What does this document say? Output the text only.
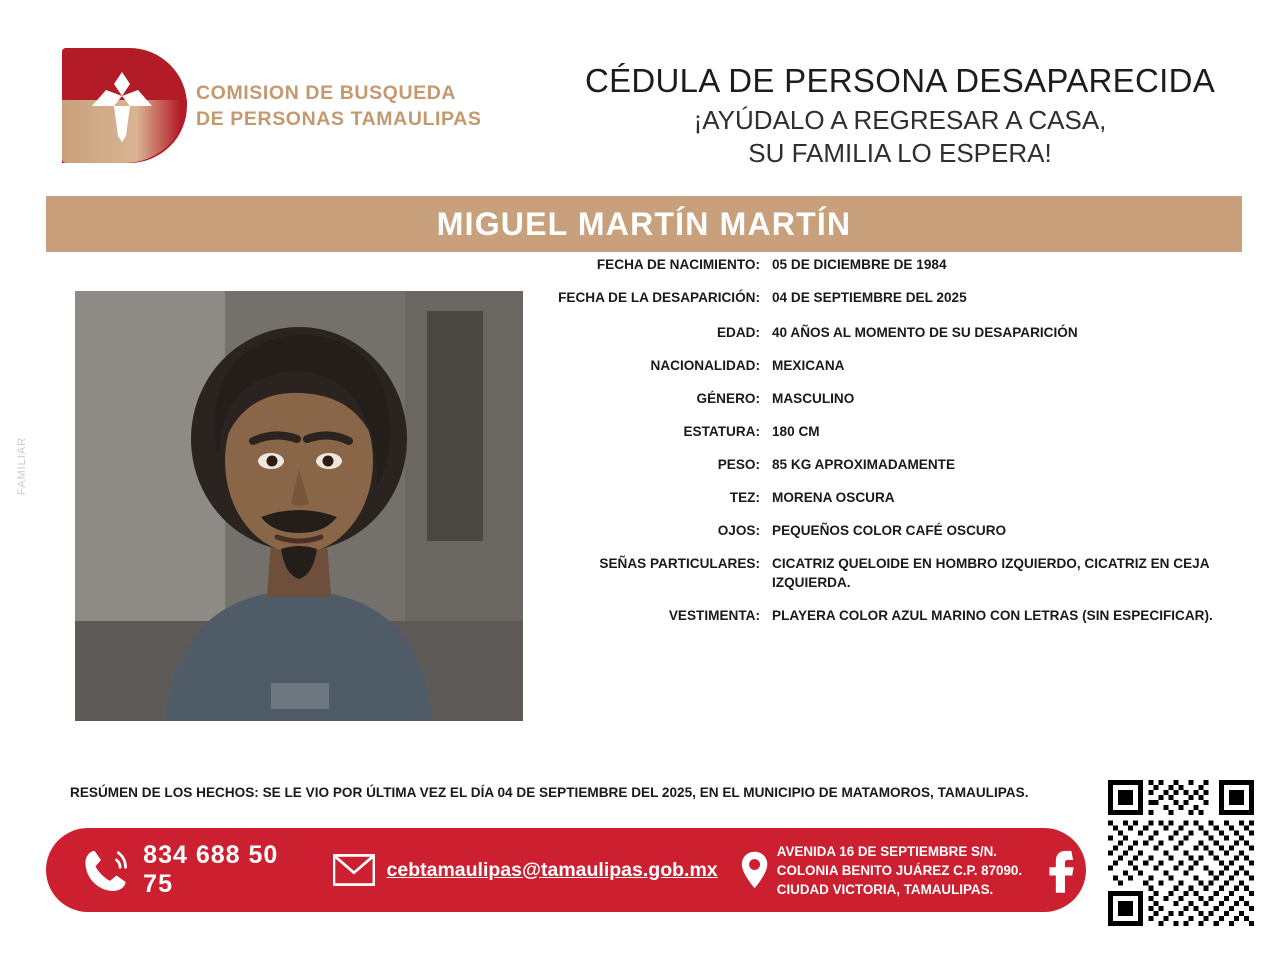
COMISION DE BUSQUEDA
DE PERSONAS TAMAULIPAS
CÉDULA DE PERSONA DESAPARECIDA
¡AYÚDALO A REGRESAR A CASA,
SU FAMILIA LO ESPERA!
MIGUEL MARTÍN MARTÍN
FAMILIAR
FECHA DE NACIMIENTO: 05 DE DICIEMBRE DE 1984
FECHA DE LA DESAPARICIÓN: 04 DE SEPTIEMBRE DEL 2025
EDAD: 40 AÑOS AL MOMENTO DE SU DESAPARICIÓN
NACIONALIDAD: MEXICANA
GÉNERO: MASCULINO
ESTATURA: 180 CM
PESO: 85 KG APROXIMADAMENTE
TEZ: MORENA OSCURA
OJOS: PEQUEÑOS COLOR CAFÉ OSCURO
SEÑAS PARTICULARES: CICATRIZ QUELOIDE EN HOMBRO IZQUIERDO, CICATRIZ EN CEJA IZQUIERDA.
VESTIMENTA: PLAYERA COLOR AZUL MARINO CON LETRAS (SIN ESPECIFICAR).
RESÚMEN DE LOS HECHOS: SE LE VIO POR ÚLTIMA VEZ EL DÍA 04 DE SEPTIEMBRE DEL 2025, EN EL MUNICIPIO DE MATAMOROS, TAMAULIPAS.
834 688 50 75
cebtamaulipas@tamaulipas.gob.mx
AVENIDA 16 DE SEPTIEMBRE S/N.
COLONIA BENITO JUÁREZ C.P. 87090.
CIUDAD VICTORIA, TAMAULIPAS.
